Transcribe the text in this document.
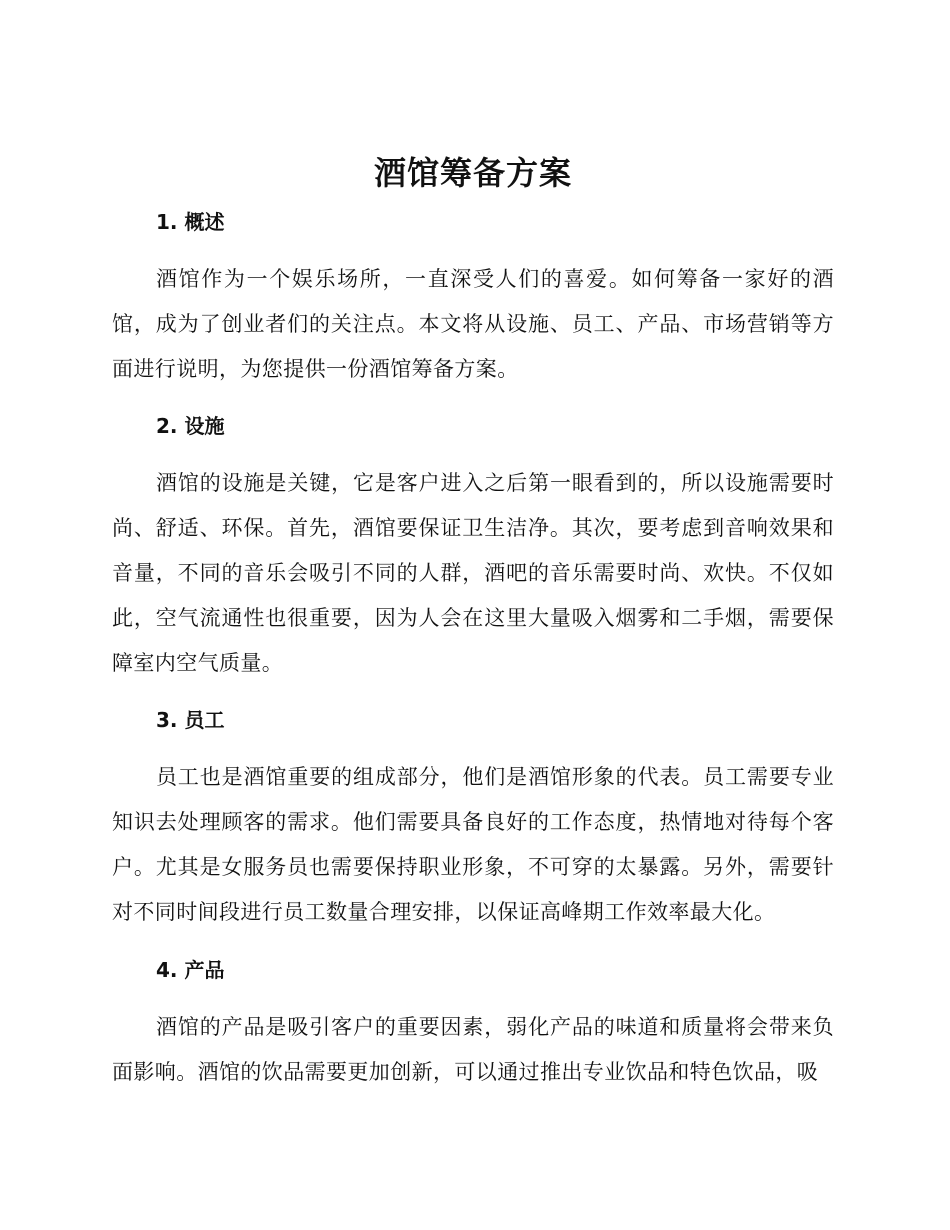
酒馆筹备方案
1. 概述

酒馆作为一个娱乐场所，一直深受人们的喜爱。如何筹备一家好的酒馆，成为了创业者们的关注点。本文将从设施、员工、产品、市场营销等方面进行说明，为您提供一份酒馆筹备方案。

2. 设施

酒馆的设施是关键，它是客户进入之后第一眼看到的，所以设施需要时尚、舒适、环保。首先，酒馆要保证卫生洁净。其次，要考虑到音响效果和音量，不同的音乐会吸引不同的人群，酒吧的音乐需要时尚、欢快。不仅如此，空气流通性也很重要，因为人会在这里大量吸入烟雾和二手烟，需要保障室内空气质量。

3. 员工

员工也是酒馆重要的组成部分，他们是酒馆形象的代表。员工需要专业知识去处理顾客的需求。他们需要具备良好的工作态度，热情地对待每个客户。尤其是女服务员也需要保持职业形象，不可穿的太暴露。另外，需要针对不同时间段进行员工数量合理安排，以保证高峰期工作效率最大化。

4. 产品

酒馆的产品是吸引客户的重要因素，弱化产品的味道和质量将会带来负面影响。酒馆的饮品需要更加创新，可以通过推出专业饮品和特色饮品，吸
